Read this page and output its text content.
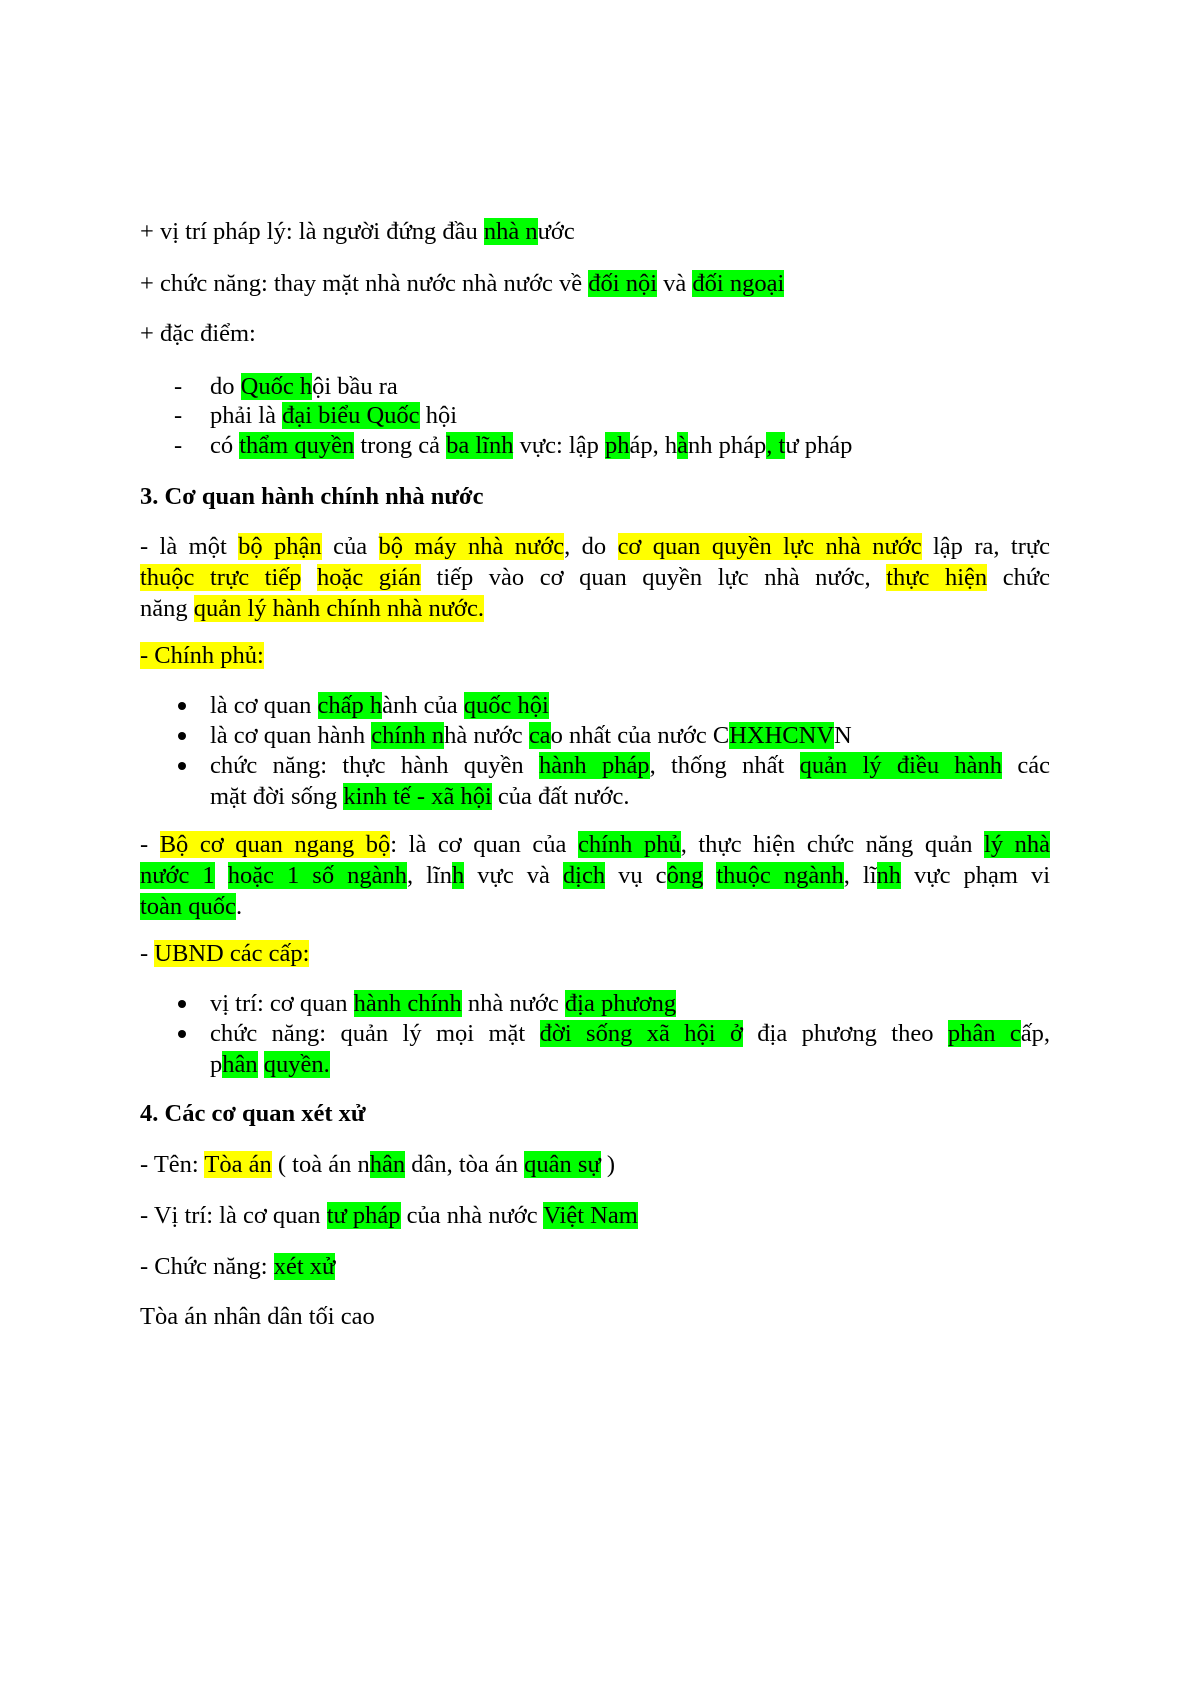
+ vị trí pháp lý: là người đứng đầu nhà nước
+ chức năng: thay mặt nhà nước nhà nước về đối nội và đối ngoại
+ đặc điểm:
- do Quốc hội bầu ra
- phải là đại biểu Quốc hội
- có thẩm quyền trong cả ba lĩnh vực: lập pháp, hành pháp, tư pháp
3. Cơ quan hành chính nhà nước
- là một bộ phận của bộ máy nhà nước, do cơ quan quyền lực nhà nước lập ra, trực
thuộc trực tiếp hoặc gián tiếp vào cơ quan quyền lực nhà nước, thực hiện chức
năng quản lý hành chính nhà nước.
- Chính phủ:
là cơ quan chấp hành của quốc hội
là cơ quan hành chính nhà nước cao nhất của nước CHXHCNVN
chức năng: thực hành quyền hành pháp, thống nhất quản lý điều hành các
mặt đời sống kinh tế - xã hội của đất nước.
- Bộ cơ quan ngang bộ: là cơ quan của chính phủ, thực hiện chức năng quản lý nhà
nước 1 hoặc 1 số ngành, lĩnh vực và dịch vụ công thuộc ngành, lĩnh vực phạm vi
toàn quốc.
- UBND các cấp:
vị trí: cơ quan hành chính nhà nước địa phương
chức năng: quản lý mọi mặt đời sống xã hội ở địa phương theo phân cấp,
phân quyền.
4. Các cơ quan xét xử
- Tên: Tòa án ( toà án nhân dân, tòa án quân sự )
- Vị trí: là cơ quan tư pháp của nhà nước Việt Nam
- Chức năng: xét xử
Tòa án nhân dân tối cao
